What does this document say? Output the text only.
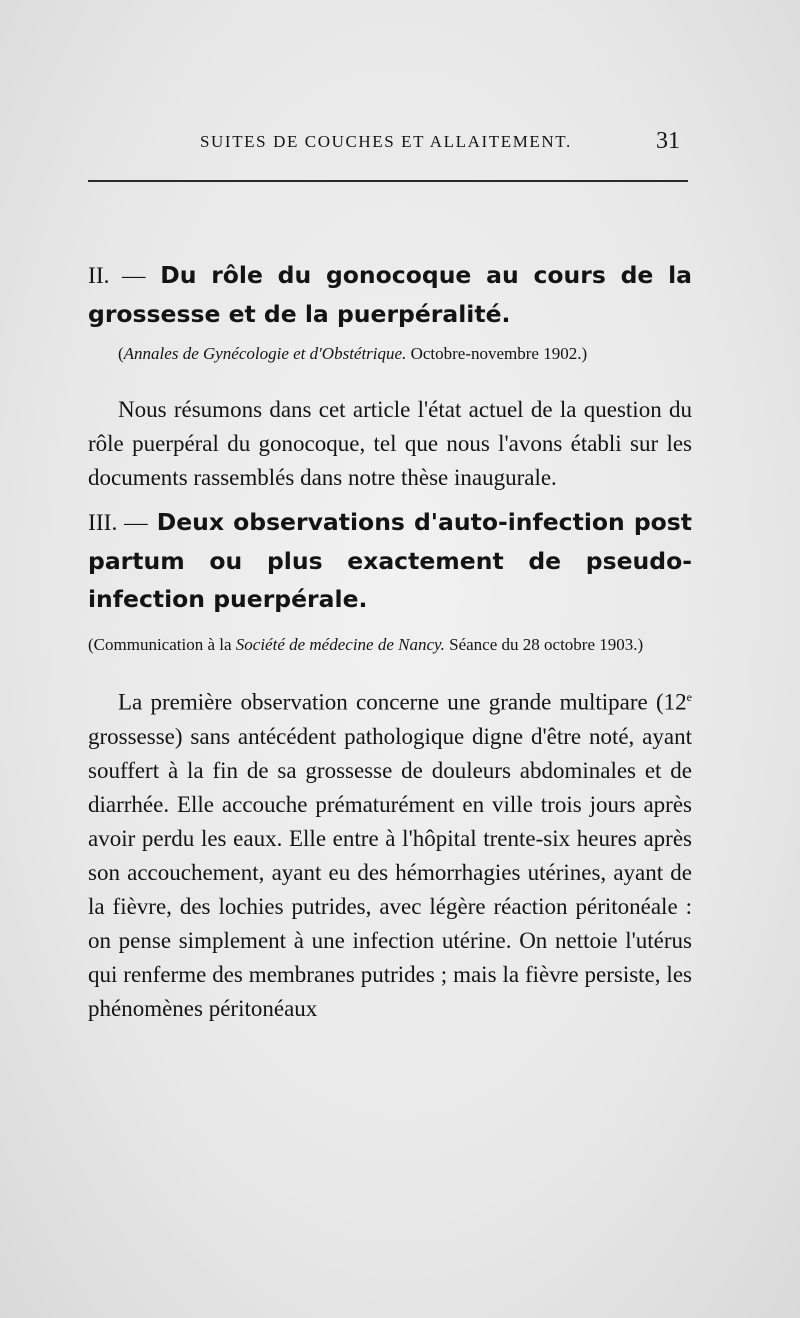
SUITES DE COUCHES ET ALLAITEMENT.	31

II. — Du rôle du gonocoque au cours de la grossesse et de la puerpéralité.

(Annales de Gynécologie et d'Obstétrique. Octobre-novembre 1902.)

Nous résumons dans cet article l'état actuel de la question du rôle puerpéral du gonocoque, tel que nous l'avons établi sur les documents rassemblés dans notre thèse inaugurale.

III. — Deux observations d'auto-infection post partum ou plus exactement de pseudo-infection puerpérale.

(Communication à la Société de médecine de Nancy. Séance du 28 octobre 1903.)

La première observation concerne une grande multipare (12e grossesse) sans antécédent pathologique digne d'être noté, ayant souffert à la fin de sa grossesse de douleurs abdominales et de diarrhée. Elle accouche prématurément en ville trois jours après avoir perdu les eaux. Elle entre à l'hôpital trente-six heures après son accouchement, ayant eu des hémorrhagies utérines, ayant de la fièvre, des lochies putrides, avec légère réaction péritonéale : on pense simplement à une infection utérine. On nettoie l'utérus qui renferme des membranes putrides ; mais la fièvre persiste, les phénomènes péritonéaux
